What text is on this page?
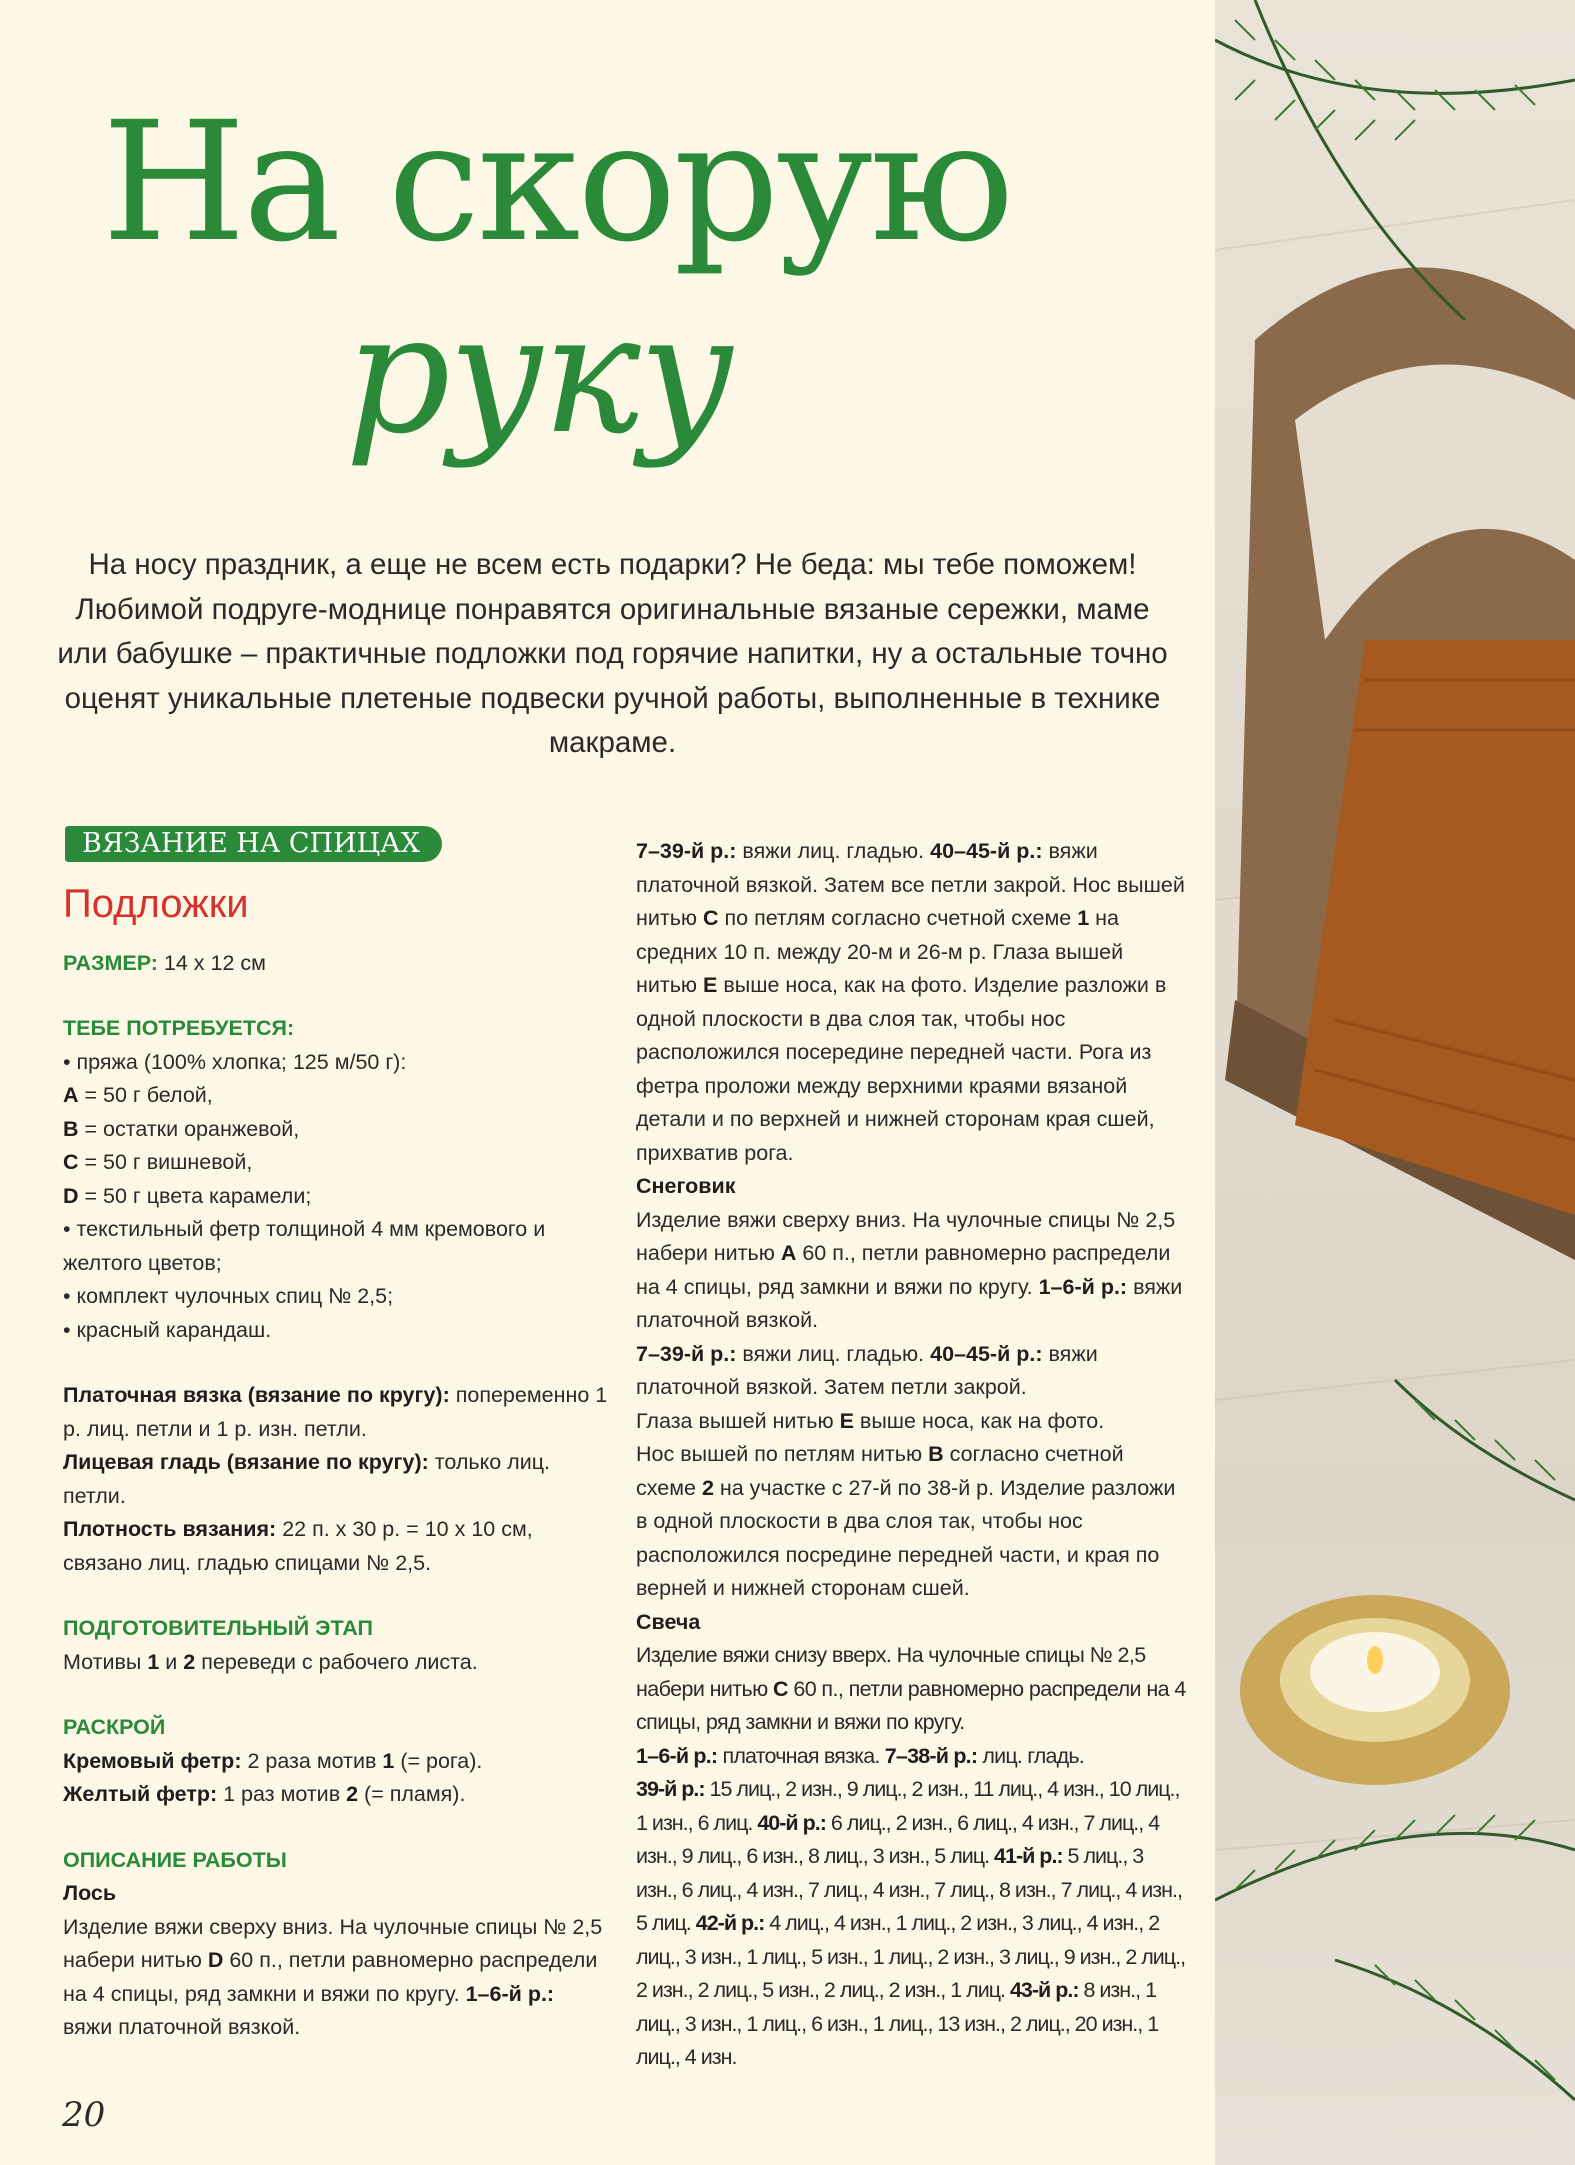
На скорую
руку

На носу праздник, а еще не всем есть подарки? Не беда: мы тебе поможем! Любимой подруге-моднице понравятся оригинальные вязаные сережки, маме или бабушке – практичные подложки под горячие напитки, ну а остальные точно оценят уникальные плетеные подвески ручной работы, выполненные в технике макраме.

ВЯЗАНИЕ НА СПИЦАХ
Подложки

РАЗМЕР: 14 х 12 см

ТЕБЕ ПОТРЕБУЕТСЯ:

• пряжа (100% хлопка; 125 м/50 г):

A = 50 г белой,

B = остатки оранжевой,

C = 50 г вишневой,

D = 50 г цвета карамели;

• текстильный фетр толщиной 4 мм кремового и желтого цветов;

• комплект чулочных спиц № 2,5;

• красный карандаш.

Платочная вязка (вязание по кругу): попеременно 1 р. лиц. петли и 1 р. изн. петли.

Лицевая гладь (вязание по кругу): только лиц. петли.

Плотность вязания: 22 п. х 30 р. = 10 х 10 см, связано лиц. гладью спицами № 2,5.

ПОДГОТОВИТЕЛЬНЫЙ ЭТАП

Мотивы 1 и 2 переведи с рабочего листа.

РАСКРОЙ

Кремовый фетр: 2 раза мотив 1 (= рога).

Желтый фетр: 1 раз мотив 2 (= пламя).

ОПИСАНИЕ РАБОТЫ

Лось

Изделие вяжи сверху вниз. На чулочные спицы № 2,5 набери нитью D 60 п., петли равномерно распредели на 4 спицы, ряд замкни и вяжи по кругу. 1–6-й р.: вяжи платочной вязкой.

7–39-й р.: вяжи лиц. гладью. 40–45-й р.: вяжи платочной вязкой. Затем все петли закрой. Нос вышей нитью C по петлям согласно счетной схеме 1 на средних 10 п. между 20-м и 26-м р. Глаза вышей нитью E выше носа, как на фото. Изделие разложи в одной плоскости в два слоя так, чтобы нос расположился посередине передней части. Рога из фетра проложи между верхними краями вязаной детали и по верхней и нижней сторонам края сшей, прихватив рога.

Снеговик

Изделие вяжи сверху вниз. На чулочные спицы № 2,5 набери нитью A 60 п., петли равномерно распредели на 4 спицы, ряд замкни и вяжи по кругу. 1–6-й р.: вяжи платочной вязкой.

7–39-й р.: вяжи лиц. гладью. 40–45-й р.: вяжи платочной вязкой. Затем петли закрой.

Глаза вышей нитью E выше носа, как на фото.

Нос вышей по петлям нитью B согласно счетной схеме 2 на участке с 27-й по 38-й р. Изделие разложи в одной плоскости в два слоя так, чтобы нос расположился посредине передней части, и края по верней и нижней сторонам сшей.

Свеча

Изделие вяжи снизу вверх. На чулочные спицы № 2,5 набери нитью C 60 п., петли равномерно распредели на 4 спицы, ряд замкни и вяжи по кругу.

1–6-й р.: платочная вязка. 7–38-й р.: лиц. гладь.

39-й р.: 15 лиц., 2 изн., 9 лиц., 2 изн., 11 лиц., 4 изн., 10 лиц., 1 изн., 6 лиц. 40-й р.: 6 лиц., 2 изн., 6 лиц., 4 изн., 7 лиц., 4 изн., 9 лиц., 6 изн., 8 лиц., 3 изн., 5 лиц. 41-й р.: 5 лиц., 3 изн., 6 лиц., 4 изн., 7 лиц., 4 изн., 7 лиц., 8 изн., 7 лиц., 4 изн., 5 лиц. 42-й р.: 4 лиц., 4 изн., 1 лиц., 2 изн., 3 лиц., 4 изн., 2 лиц., 3 изн., 1 лиц., 5 изн., 1 лиц., 2 изн., 3 лиц., 9 изн., 2 лиц., 2 изн., 2 лиц., 5 изн., 2 лиц., 2 изн., 1 лиц. 43-й р.: 8 изн., 1 лиц., 3 изн., 1 лиц., 6 изн., 1 лиц., 13 изн., 2 лиц., 20 изн., 1 лиц., 4 изн.

20
